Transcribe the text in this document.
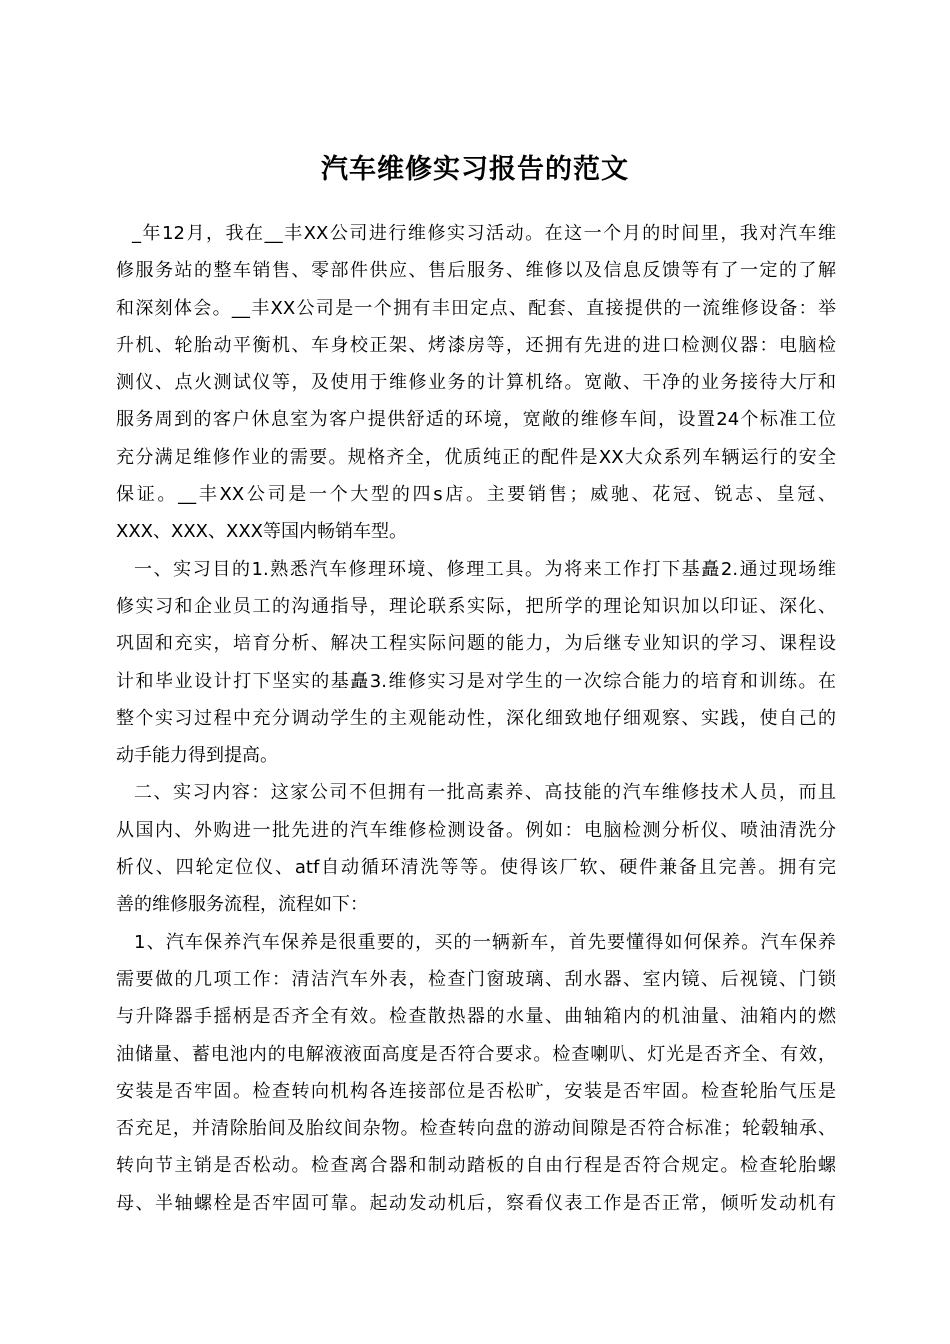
汽车维修实习报告的范文
_年12月，我在__丰XX公司进行维修实习活动。在这一个月的时间里，我对汽车维
修服务站的整车销售、零部件供应、售后服务、维修以及信息反馈等有了一定的了解
和深刻体会。__丰XX公司是一个拥有丰田定点、配套、直接提供的一流维修设备：举
升机、轮胎动平衡机、车身校正架、烤漆房等，还拥有先进的进口检测仪器：电脑检
测仪、点火测试仪等，及使用于维修业务的计算机络。宽敞、干净的业务接待大厅和
服务周到的客户休息室为客户提供舒适的环境，宽敞的维修车间，设置24个标准工位
充分满足维修作业的需要。规格齐全，优质纯正的配件是XX大众系列车辆运行的安全
保证。__丰XX公司是一个大型的四s店。主要销售；威驰、花冠、锐志、皇冠、
XXX、XXX、XXX等国内畅销车型。
一、实习目的1.熟悉汽车修理环境、修理工具。为将来工作打下基矗2.通过现场维
修实习和企业员工的沟通指导，理论联系实际，把所学的理论知识加以印证、深化、
巩固和充实，培育分析、解决工程实际问题的能力，为后继专业知识的学习、课程设
计和毕业设计打下坚实的基矗3.维修实习是对学生的一次综合能力的培育和训练。在
整个实习过程中充分调动学生的主观能动性，深化细致地仔细观察、实践，使自己的
动手能力得到提高。
二、实习内容：这家公司不但拥有一批高素养、高技能的汽车维修技术人员，而且
从国内、外购进一批先进的汽车维修检测设备。例如：电脑检测分析仪、喷油清洗分
析仪、四轮定位仪、atf自动循环清洗等等。使得该厂软、硬件兼备且完善。拥有完
善的维修服务流程，流程如下：
1、汽车保养汽车保养是很重要的，买的一辆新车，首先要懂得如何保养。汽车保养
需要做的几项工作：清洁汽车外表，检查门窗玻璃、刮水器、室内镜、后视镜、门锁
与升降器手摇柄是否齐全有效。检查散热器的水量、曲轴箱内的机油量、油箱内的燃
油储量、蓄电池内的电解液液面高度是否符合要求。检查喇叭、灯光是否齐全、有效，
安装是否牢固。检查转向机构各连接部位是否松旷，安装是否牢固。检查轮胎气压是
否充足，并清除胎间及胎纹间杂物。检查转向盘的游动间隙是否符合标准；轮毂轴承、
转向节主销是否松动。检查离合器和制动踏板的自由行程是否符合规定。检查轮胎螺
母、半轴螺栓是否牢固可靠。起动发动机后，察看仪表工作是否正常，倾听发动机有
